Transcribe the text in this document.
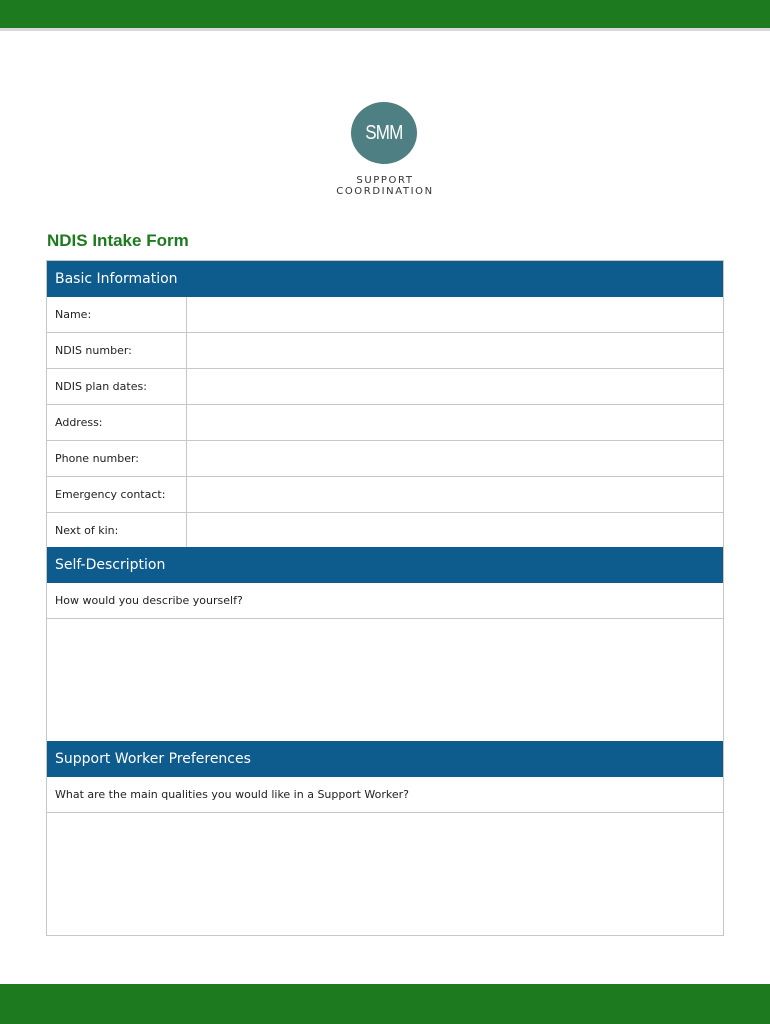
SMM
SUPPORT
COORDINATION
NDIS Intake Form
Basic Information
Name:
NDIS number:
NDIS plan dates:
Address:
Phone number:
Emergency contact:
Next of kin:
Self-Description
How would you describe yourself?
Support Worker Preferences
What are the main qualities you would like in a Support Worker?
